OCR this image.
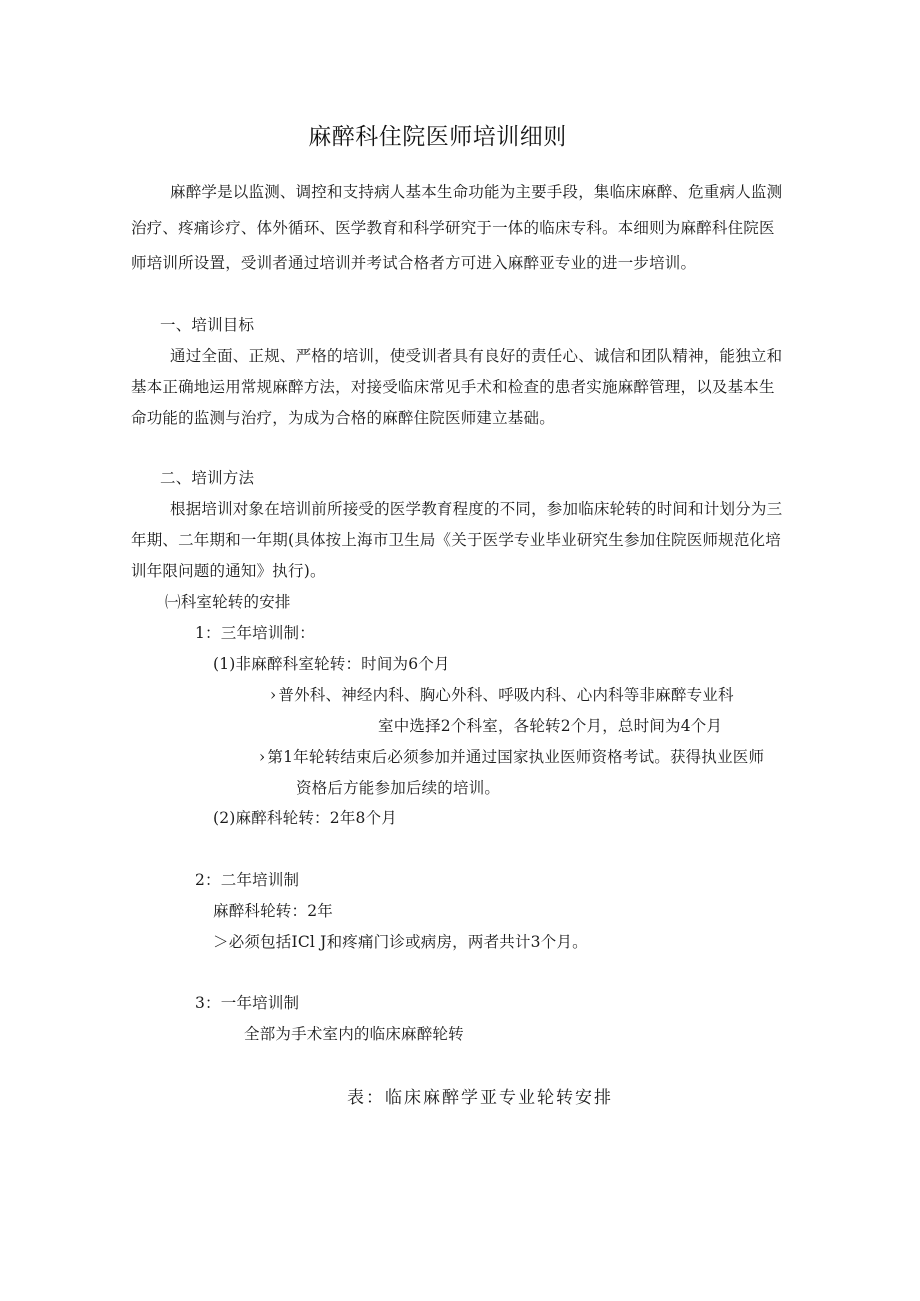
麻醉科住院医师培训细则
麻醉学是以监测、调控和支持病人基本生命功能为主要手段，集临床麻醉、危重病人监测
治疗、疼痛诊疗、体外循环、医学教育和科学研究于一体的临床专科。本细则为麻醉科住院医
师培训所设置，受训者通过培训并考试合格者方可进入麻醉亚专业的进一步培训。
一、培训目标
通过全面、正规、严格的培训，使受训者具有良好的责任心、诚信和团队精神，能独立和
基本正确地运用常规麻醉方法，对接受临床常见手术和检查的患者实施麻醉管理，以及基本生
命功能的监测与治疗，为成为合格的麻醉住院医师建立基础。
二、培训方法
根据培训对象在培训前所接受的医学教育程度的不同，参加临床轮转的时间和计划分为三
年期、二年期和一年期(具体按上海市卫生局《关于医学专业毕业研究生参加住院医师规范化培
训年限问题的通知》执行)。
㈠科室轮转的安排
1：三年培训制：
(1)非麻醉科室轮转：时间为6个月
› 普外科、神经内科、胸心外科、呼吸内科、心内科等非麻醉专业科
室中选择2个科室，各轮转2个月，总时间为4个月
› 第1年轮转结束后必须参加并通过国家执业医师资格考试。获得执业医师
资格后方能参加后续的培训。
(2)麻醉科轮转：2年8个月
2：二年培训制
麻醉科轮转：2年
＞必须包括ICl J和疼痛门诊或病房，两者共计3个月。
3：一年培训制
全部为手术室内的临床麻醉轮转
表：临床麻醉学亚专业轮转安排
